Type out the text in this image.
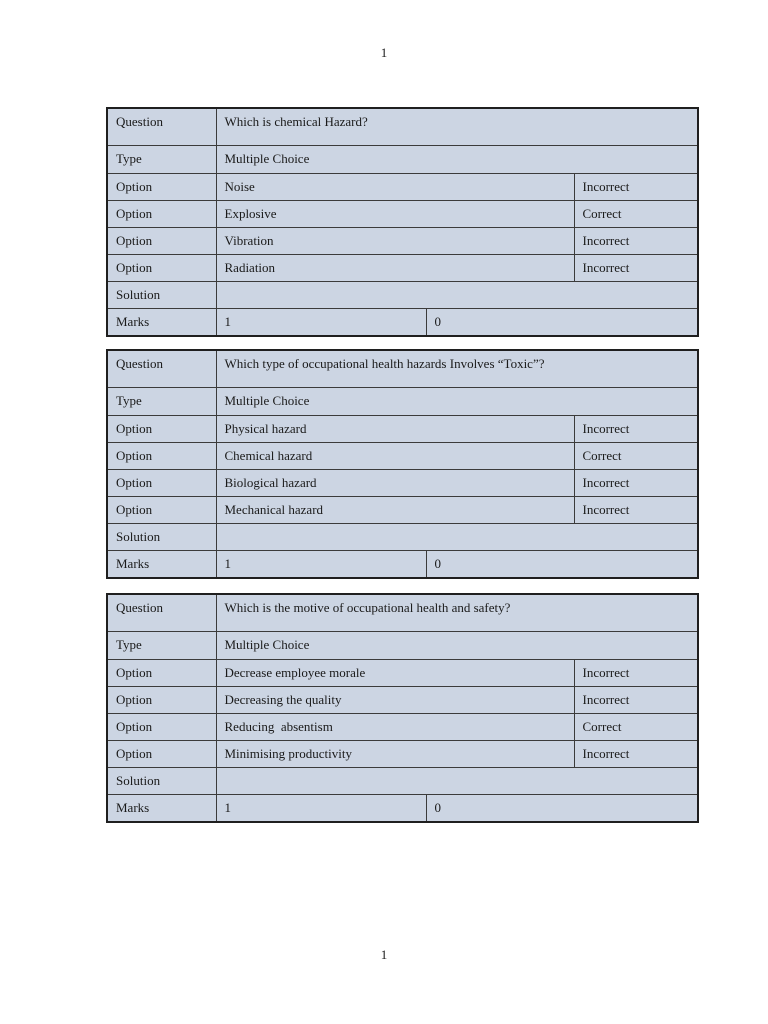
1
Question	Which is chemical Hazard?		
Type	Multiple Choice		
Option	Noise		Incorrect
Option	Explosive		Correct
Option	Vibration		Incorrect
Option	Radiation		Incorrect
Solution			
Marks	1	0	
Question	Which type of occupational health hazards Involves “Toxic”?		
Type	Multiple Choice		
Option	Physical hazard		Incorrect
Option	Chemical hazard		Correct
Option	Biological hazard		Incorrect
Option	Mechanical hazard		Incorrect
Solution			
Marks	1	0	
Question	Which is the motive of occupational health and safety?		
Type	Multiple Choice		
Option	Decrease employee morale		Incorrect
Option	Decreasing the quality		Incorrect
Option	Reducing  absentism		Correct
Option	Minimising productivity		Incorrect
Solution			
Marks	1	0	
1
